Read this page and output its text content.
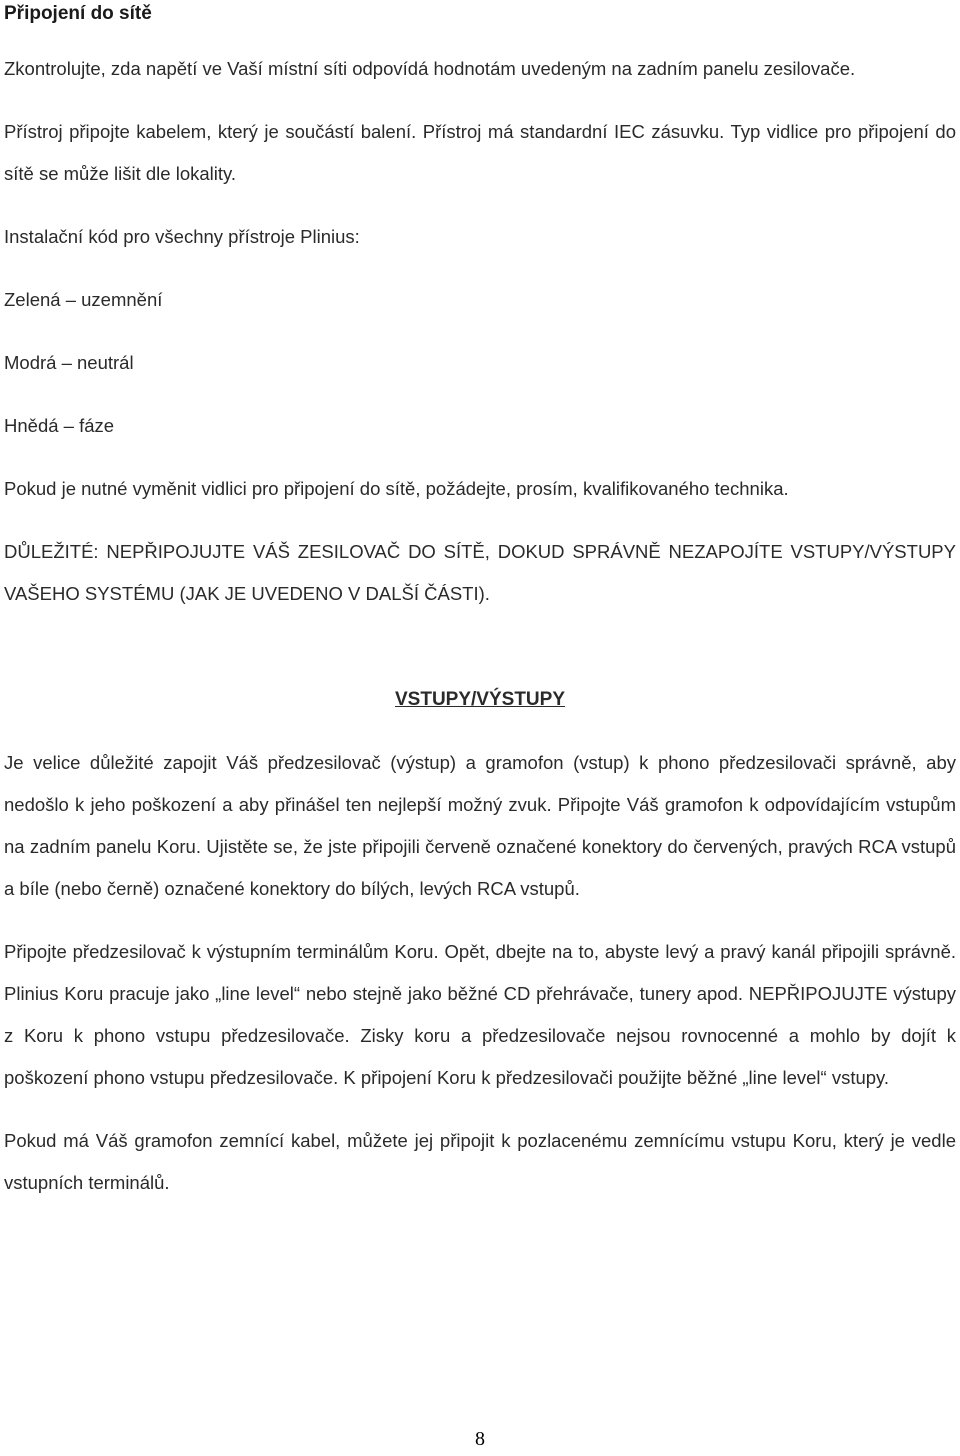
Připojení do sítě

Zkontrolujte, zda napětí ve Vaší místní síti odpovídá hodnotám uvedeným na zadním panelu zesilovače.

Přístroj připojte kabelem, který je součástí balení. Přístroj má standardní IEC zásuvku. Typ vidlice pro připojení do sítě se může lišit dle lokality.

Instalační kód pro všechny přístroje Plinius:

Zelená – uzemnění

Modrá – neutrál

Hnědá – fáze

Pokud je nutné vyměnit vidlici pro připojení do sítě, požádejte, prosím, kvalifikovaného technika.

DŮLEŽITÉ: NEPŘIPOJUJTE VÁŠ ZESILOVAČ DO SÍTĚ, DOKUD SPRÁVNĚ NEZAPOJÍTE VSTUPY/VÝSTUPY VAŠEHO SYSTÉMU (JAK JE UVEDENO V DALŠÍ ČÁSTI).

VSTUPY/VÝSTUPY

Je velice důležité zapojit Váš předzesilovač (výstup) a gramofon (vstup) k phono předzesilovači správně, aby nedošlo k jeho poškození a aby přinášel ten nejlepší možný zvuk. Připojte Váš gramofon k odpovídajícím vstupům na zadním panelu Koru. Ujistěte se, že jste připojili červeně označené konektory do červených, pravých RCA vstupů a bíle (nebo černě) označené konektory do bílých, levých RCA vstupů.

Připojte předzesilovač k výstupním terminálům Koru. Opět, dbejte na to, abyste levý a pravý kanál připojili správně. Plinius Koru pracuje jako „line level“ nebo stejně jako běžné CD přehrávače, tunery apod. NEPŘIPOJUJTE výstupy z Koru k phono vstupu předzesilovače. Zisky koru a předzesilovače nejsou rovnocenné a mohlo by dojít k poškození phono vstupu předzesilovače. K připojení Koru k předzesilovači použijte běžné „line level“ vstupy.

Pokud má Váš gramofon zemnící kabel, můžete jej připojit k pozlacenému zemnícímu vstupu Koru, který je vedle vstupních terminálů.

8
